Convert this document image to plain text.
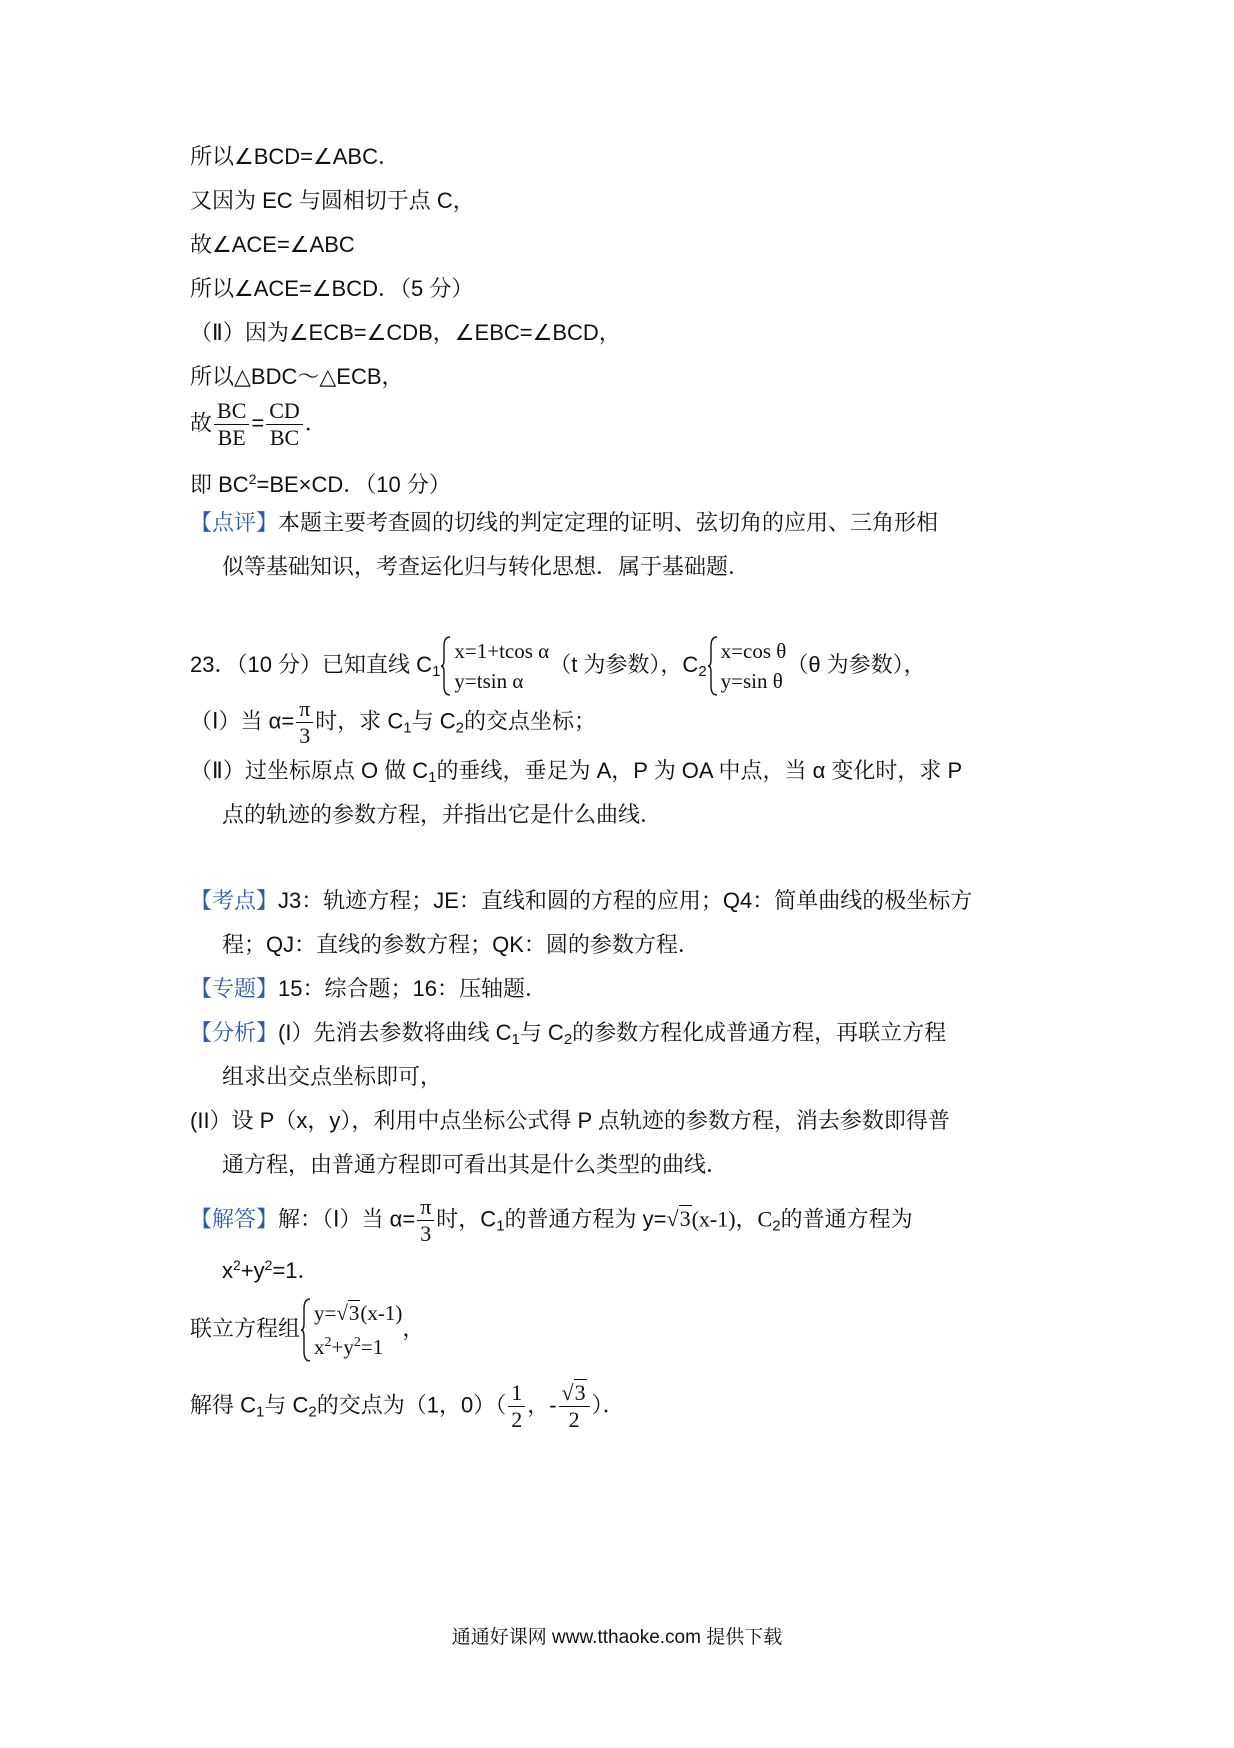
所以∠BCD=∠ABC．
又因为 EC 与圆相切于点 C，
故∠ACE=∠ABC
所以∠ACE=∠BCD．（5 分）
（Ⅱ）因为∠ECB=∠CDB，∠EBC=∠BCD，
所以△BDC～△ECB，
故 $\frac{BC}{BE} = \frac{CD}{BC}$ ．
即 $BC^2=BE\times CD$．（10 分）
【点评】本题主要考查圆的切线的判定定理的证明、弦切角的应用、三角形相
似等基础知识，考查运化归与转化思想．属于基础题．
23．（10 分）已知直线 $C_1$
x=1+tcos α
y=tsin α
（t 为参数），$C_2$
x=cos θ
y=sin θ
（θ 为参数），
（Ⅰ）当 $\alpha= \frac{\pi}{3}$ 时，求 $C_1$与 $C_2$的交点坐标；
（Ⅱ）过坐标原点 O 做 $C_1$的垂线，垂足为 A，P 为 OA 中点，当 α 变化时，求 P
点的轨迹的参数方程，并指出它是什么曲线．
【考点】J3：轨迹方程；JE：直线和圆的方程的应用；Q4：简单曲线的极坐标方
程；QJ：直线的参数方程；QK：圆的参数方程．
【专题】15：综合题；16：压轴题．
【分析】(I）先消去参数将曲线 $C_1$与 $C_2$的参数方程化成普通方程，再联立方程
组求出交点坐标即可，
(II）设 P（x，y），利用中点坐标公式得 P 点轨迹的参数方程，消去参数即得普
通方程，由普通方程即可看出其是什么类型的曲线．
【解答】解：（Ⅰ）当 $\alpha= \frac{\pi}{3}$ 时，$C_1$的普通方程为 y=√3(x-1)，$C_2$的普通方程为
$x^2+y^2=1$．
联立方程组
y=√3(x-1)
$x^2+y^2=1$
，
解得 $C_1$与 $C_2$的交点为（1，$0)( \frac{1}{2}$ ，- $\frac{√3}{2}$ ）．
通通好课网 www.tthaoke.com 提供下载
